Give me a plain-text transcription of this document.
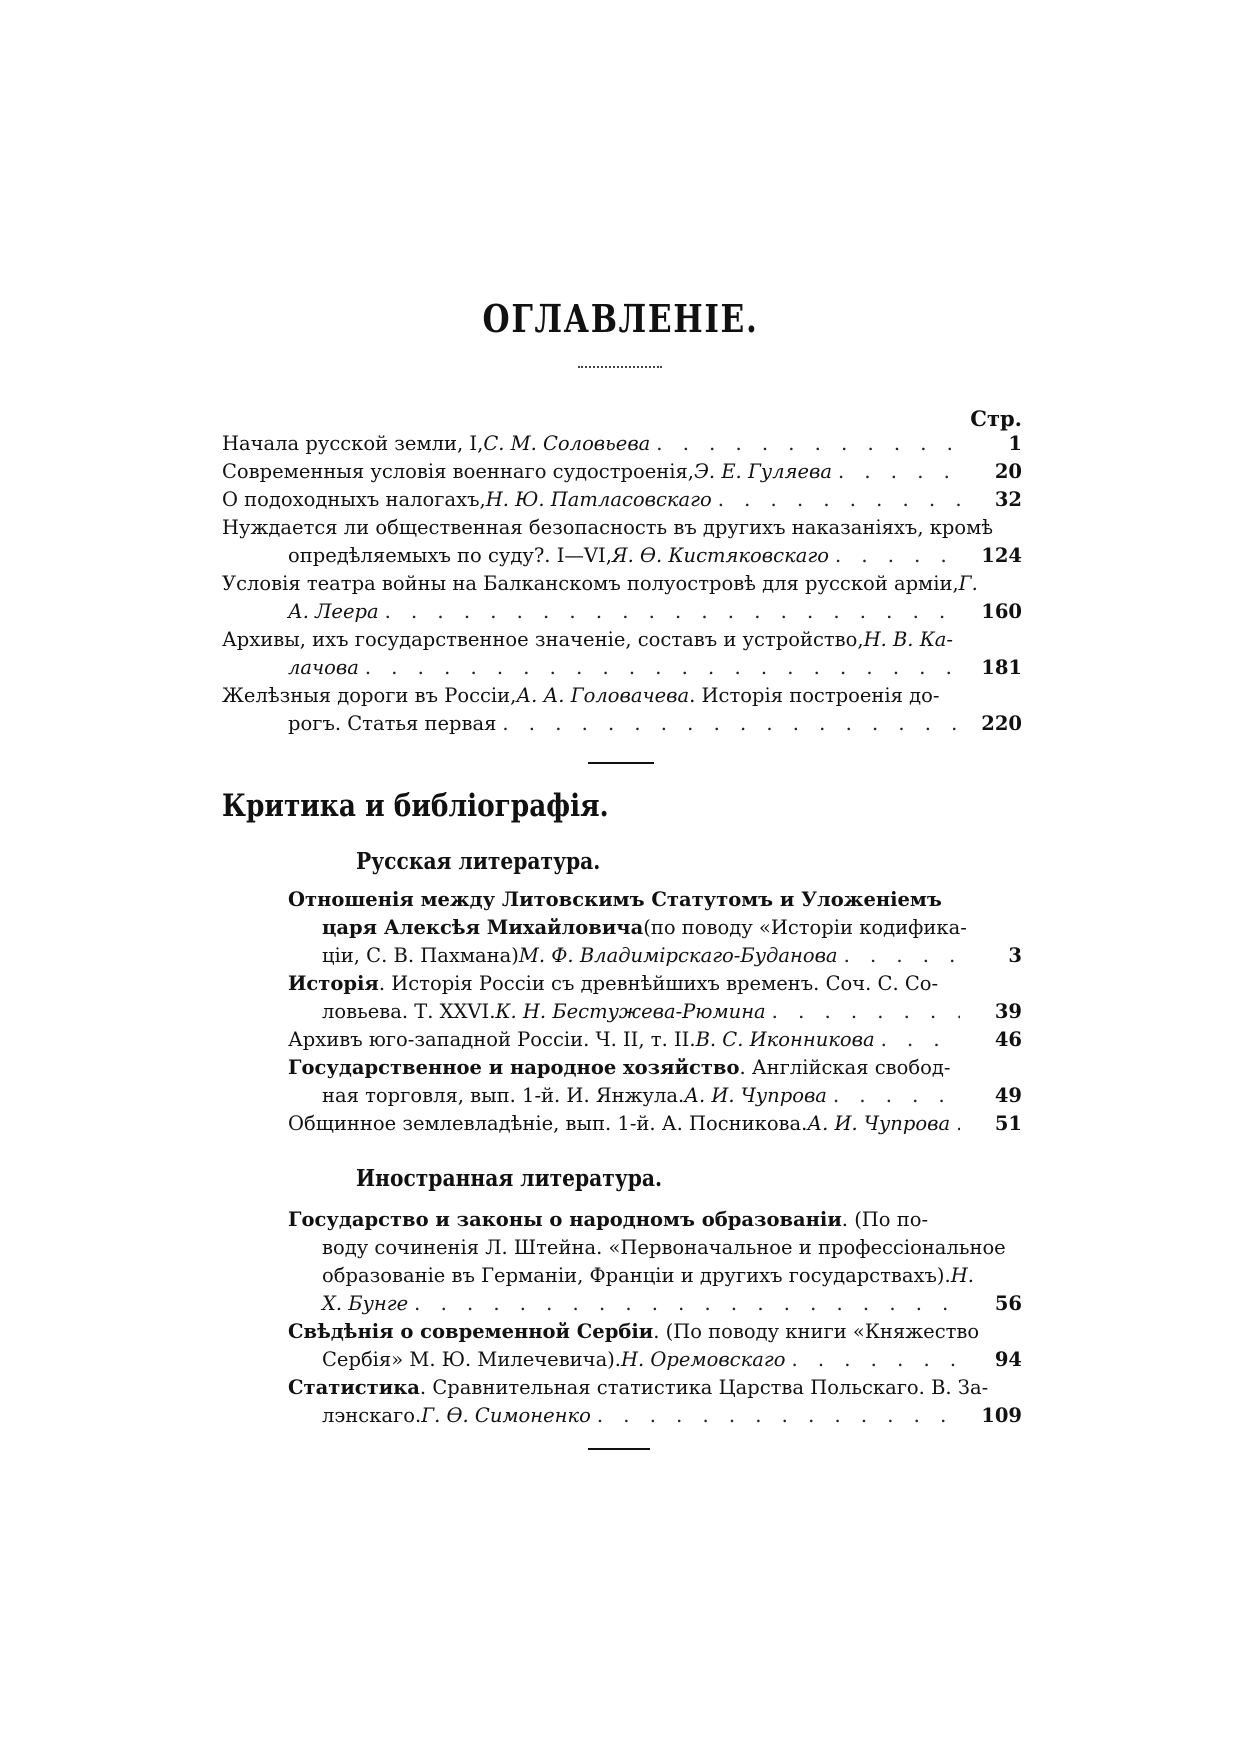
ОГЛАВЛЕНІЕ.
Стр.
Начала русской земли, I, С. М. Соловьева . . .	1
Современныя условія военнаго судостроенія, Э. Е. Гуляева . . .	20
О подоходныхъ налогахъ, Н. Ю. Патласовскаго . . .	32
Нуждается ли общественная безопасность въ другихъ наказаніяхъ, кромѣ
опредѣляемыхъ по суду?. I—VI, Я. Ѳ. Кистяковскаго . . .	124
Условія театра войны на Балканскомъ полуостровѣ для русской арміи, Г.
А. Леера . . .	160
Архивы, ихъ государственное значеніе, составъ и устройство, Н. В. Ка-
лачова . . .	181
Желѣзныя дороги въ Россіи, А. А. Головачева . Исторія построенія до-
рогъ. Статья первая . . .	220
Критика и библіографія.
Русская литература.
Отношенія между Литовскимъ Статутомъ и Уложеніемъ
царя Алексѣя Михайловича (по поводу «Исторіи кодифика-
ціи, С. В. Пахмана) М. Ф. Владимірскаго-Буданова . . .	3
Исторія . Исторія Россіи съ древнѣйшихъ временъ. Соч. С. Со-
ловьева. Т. XXVI. К. Н. Бестужева-Рюмина . . .	39
Архивъ юго-западной Россіи. Ч. II, т. II. В. С. Иконникова . . .	46
Государственное и народное хозяйство . Англійская свобод-
ная торговля, вып. 1-й. И. Янжула. А. И. Чупрова . . .	49
Общинное землевладѣніе, вып. 1-й. А. Посникова. А. И. Чупрова . . .	51
Иностранная литература.
Государство и законы о народномъ образованіи . (По по-
воду сочиненія Л. Штейна. «Первоначальное и профессіональное
образованіе въ Германіи, Франціи и другихъ государствахъ). Н.
Х. Бунге . . .	56
Свѣдѣнія о современной Сербіи . (По поводу книги «Княжество
Сербія» М. Ю. Милечевича). Н. Оремовскаго . . .	94
Статистика . Сравнительная статистика Царства Польскаго. В. За-
лэнскаго. Г. Ѳ. Симоненко . . .	109
